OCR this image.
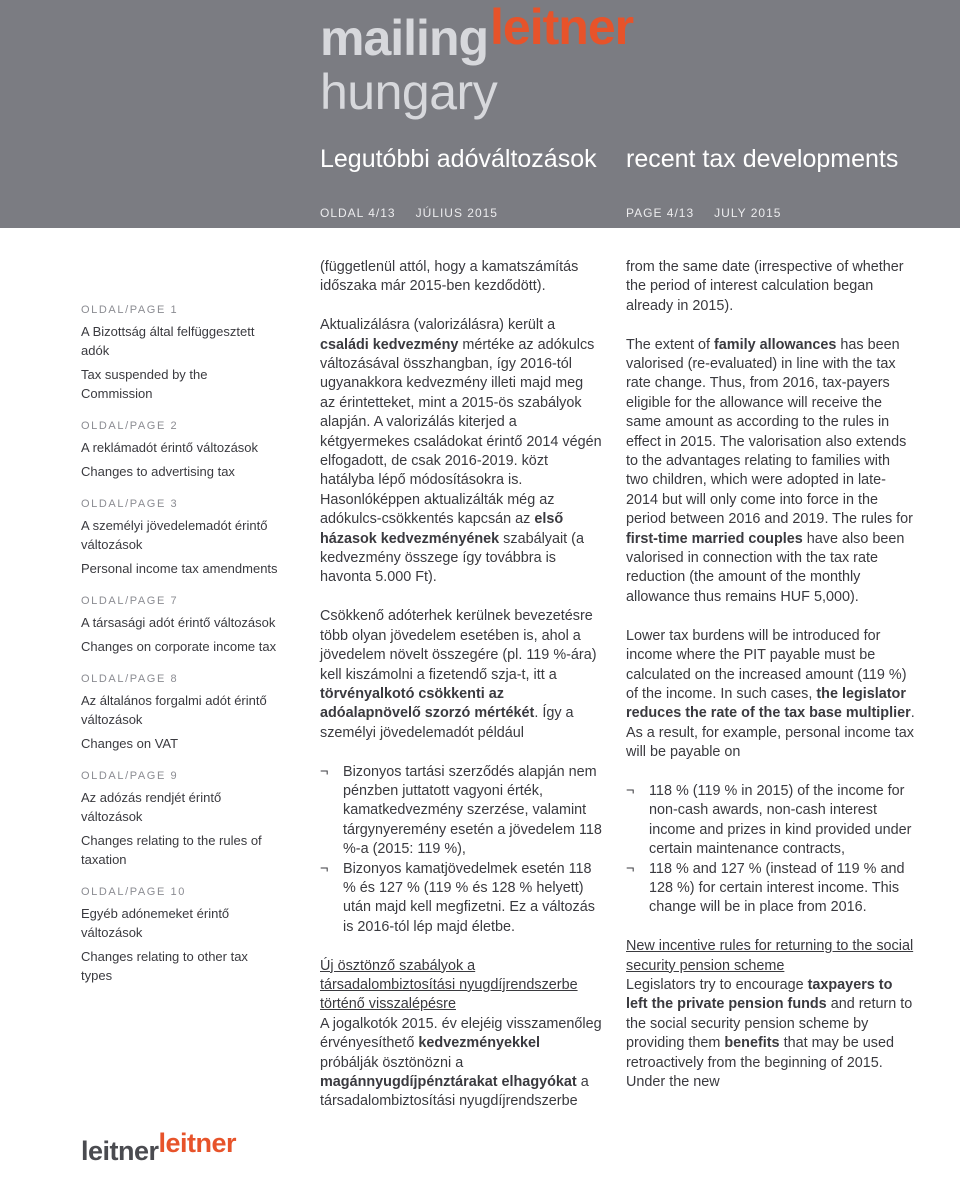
mailing leitner
hungary
Legutóbbi adóváltozások	recent tax developments
OLDAL 4/13 JÚLIUS 2015	PAGE 4/13 JULY 2015
OLDAL/PAGE 1
A Bizottság által felfüggesztett adók
Tax suspended by the Commission
OLDAL/PAGE 2
A reklámadót érintő változások
Changes to advertising tax
OLDAL/PAGE 3
A személyi jövedelemadót érintő változások
Personal income tax amendments
OLDAL/PAGE 7
A társasági adót érintő változások
Changes on corporate income tax
OLDAL/PAGE 8
Az általános forgalmi adót érintő változások
Changes on VAT
OLDAL/PAGE 9
Az adózás rendjét érintő változások
Changes relating to the rules of taxation
OLDAL/PAGE 10
Egyéb adónemeket érintő változások
Changes relating to other tax types

(függetlenül attól, hogy a kamatszámítás időszaka már 2015-ben kezdődött).

Aktualizálásra (valorizálásra) került a családi kedvezmény mértéke az adókulcs változásával összhangban, így 2016-tól ugyanakkora kedvezmény illeti majd meg az érintetteket, mint a 2015-ös szabályok alapján. A valorizálás kiterjed a kétgyermekes családokat érintő 2014 végén elfogadott, de csak 2016-2019. közt hatályba lépő módosításokra is. Hasonlóképpen aktualizálták még az adókulcs-csökkentés kapcsán az első házasok kedvezményének szabályait (a kedvezmény összege így továbbra is havonta 5.000 Ft).

Csökkenő adóterhek kerülnek bevezetésre több olyan jövedelem esetében is, ahol a jövedelem növelt összegére (pl. 119 %-ára) kell kiszámolni a fizetendő szja-t, itt a törvényalkotó csökkenti az adóalapnövelő szorzó mértékét. Így a személyi jövedelemadót például

¬ Bizonyos tartási szerződés alapján nem pénzben juttatott vagyoni érték, kamatkedvezmény szerzése, valamint tárgynyeremény esetén a jövedelem 118 %-a (2015: 119 %),
¬ Bizonyos kamatjövedelmek esetén 118 % és 127 % (119 % és 128 % helyett) után majd kell megfizetni. Ez a változás is 2016-tól lép majd életbe.

Új ösztönző szabályok a társadalombiztosítási nyugdíjrendszerbe történő visszalépésre
A jogalkotók 2015. év elejéig visszamenőleg érvényesíthető kedvezményekkel próbálják ösztönözni a magánnyugdíjpénztárakat elhagyókat a társadalombiztosítási nyugdíjrendszerbe

from the same date (irrespective of whether the period of interest calculation began already in 2015).

The extent of family allowances has been valorised (re-evaluated) in line with the tax rate change. Thus, from 2016, tax-payers eligible for the allowance will receive the same amount as according to the rules in effect in 2015. The valorisation also extends to the advantages relating to families with two children, which were adopted in late-2014 but will only come into force in the period between 2016 and 2019. The rules for first-time married couples have also been valorised in connection with the tax rate reduction (the amount of the monthly allowance thus remains HUF 5,000).

Lower tax burdens will be introduced for income where the PIT payable must be calculated on the increased amount (119 %) of the income. In such cases, the legislator reduces the rate of the tax base multiplier. As a result, for example, personal income tax will be payable on

¬ 118 % (119 % in 2015) of the income for non-cash awards, non-cash interest income and prizes in kind provided under certain maintenance contracts,
¬ 118 % and 127 % (instead of 119 % and 128 %) for certain interest income. This change will be in place from 2016.

New incentive rules for returning to the social security pension scheme
Legislators try to encourage taxpayers to left the private pension funds and return to the social security pension scheme by providing them benefits that may be used retroactively from the beginning of 2015. Under the new

leitner leitner
